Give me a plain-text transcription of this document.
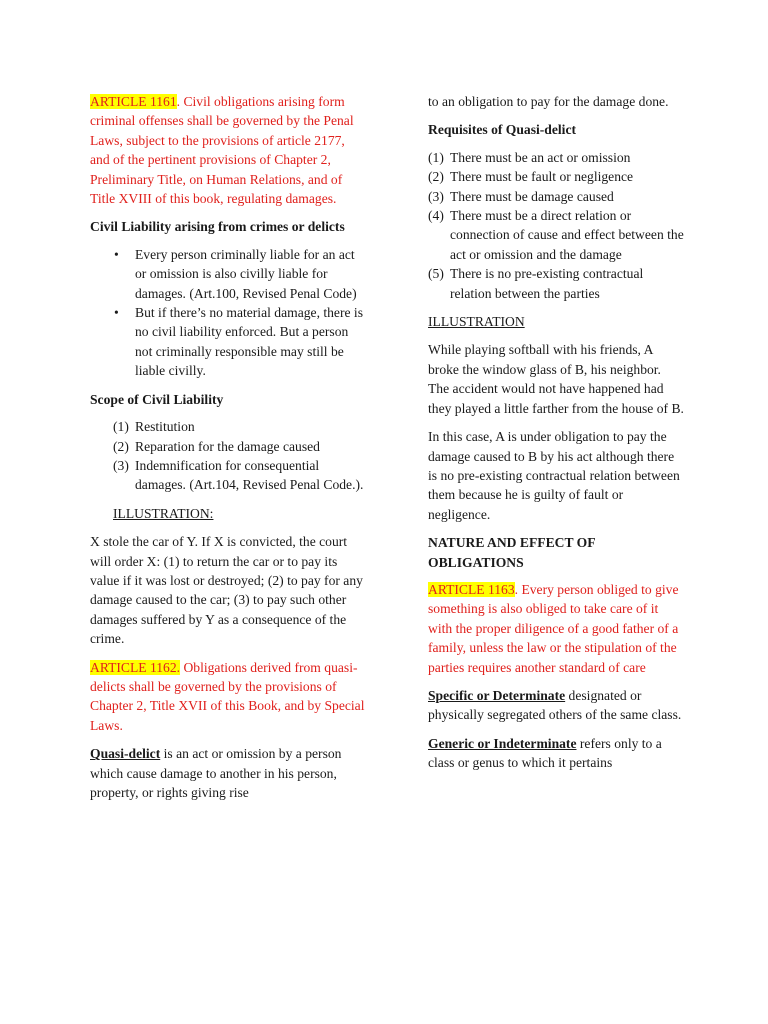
ARTICLE 1161. Civil obligations arising form criminal offenses shall be governed by the Penal Laws, subject to the provisions of article 2177, and of the pertinent provisions of Chapter 2, Preliminary Title, on Human Relations, and of Title XVIII of this book, regulating damages.

Civil Liability arising from crimes or delicts

• Every person criminally liable for an act or omission is also civilly liable for damages. (Art.100, Revised Penal Code)
• But if there’s no material damage, there is no civil liability enforced. But a person not criminally responsible may still be liable civilly.

Scope of Civil Liability

(1) Restitution
(2) Reparation for the damage caused
(3) Indemnification for consequential damages. (Art.104, Revised Penal Code.).

ILLUSTRATION:

X stole the car of Y. If X is convicted, the court will order X: (1) to return the car or to pay its value if it was lost or destroyed; (2) to pay for any damage caused to the car; (3) to pay such other damages suffered by Y as a consequence of the crime.

ARTICLE 1162. Obligations derived from quasi-delicts shall be governed by the provisions of Chapter 2, Title XVII of this Book, and by Special Laws.

Quasi-delict is an act or omission by a person which cause damage to another in his person, property, or rights giving rise

to an obligation to pay for the damage done.

Requisites of Quasi-delict

(1) There must be an act or omission
(2) There must be fault or negligence
(3) There must be damage caused
(4) There must be a direct relation or connection of cause and effect between the act or omission and the damage
(5) There is no pre-existing contractual relation between the parties

ILLUSTRATION

While playing softball with his friends, A broke the window glass of B, his neighbor. The accident would not have happened had they played a little farther from the house of B.

In this case, A is under obligation to pay the damage caused to B by his act although there is no pre-existing contractual relation between them because he is guilty of fault or negligence.

NATURE AND EFFECT OF OBLIGATIONS

ARTICLE 1163. Every person obliged to give something is also obliged to take care of it with the proper diligence of a good father of a family, unless the law or the stipulation of the parties requires another standard of care

Specific or Determinate designated or physically segregated others of the same class.

Generic or Indeterminate refers only to a class or genus to which it pertains
